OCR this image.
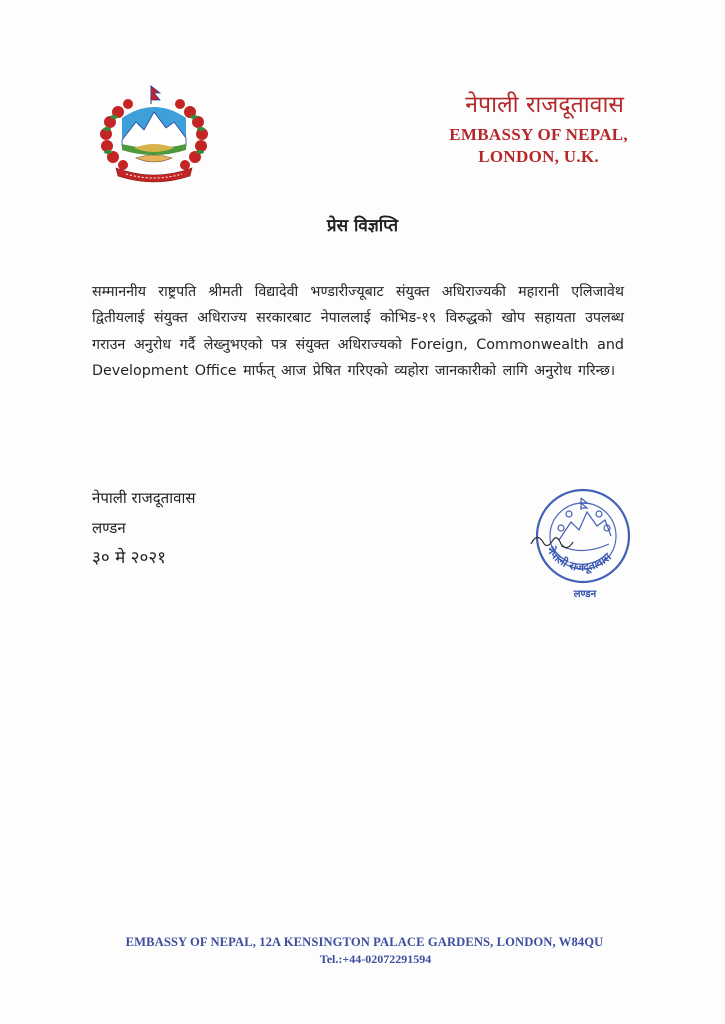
नेपाली राजदूतावास
EMBASSY OF NEPAL,
LONDON, U.K.
प्रेस विज्ञप्ति

सम्माननीय राष्ट्रपति श्रीमती विद्यादेवी भण्डारीज्यूबाट संयुक्त अधिराज्यकी महारानी एलिजावेथ द्वितीयलाई संयुक्त अधिराज्य सरकारबाट नेपाललाई कोभिड-१९ विरुद्धको खोप सहायता उपलब्ध गराउन अनुरोध गर्दै लेख्नुभएको पत्र संयुक्त अधिराज्यको Foreign, Commonwealth and Development Office मार्फत् आज प्रेषित गरिएको व्यहोरा जानकारीको लागि अनुरोध गरिन्छ।

नेपाली राजदूतावास
लण्डन
३० मे २०२१	नेपाली राजदूतावास
लण्डन
EMBASSY OF NEPAL, 12A KENSINGTON PALACE GARDENS, LONDON, W84QU
Tel.:+44-02072291594
